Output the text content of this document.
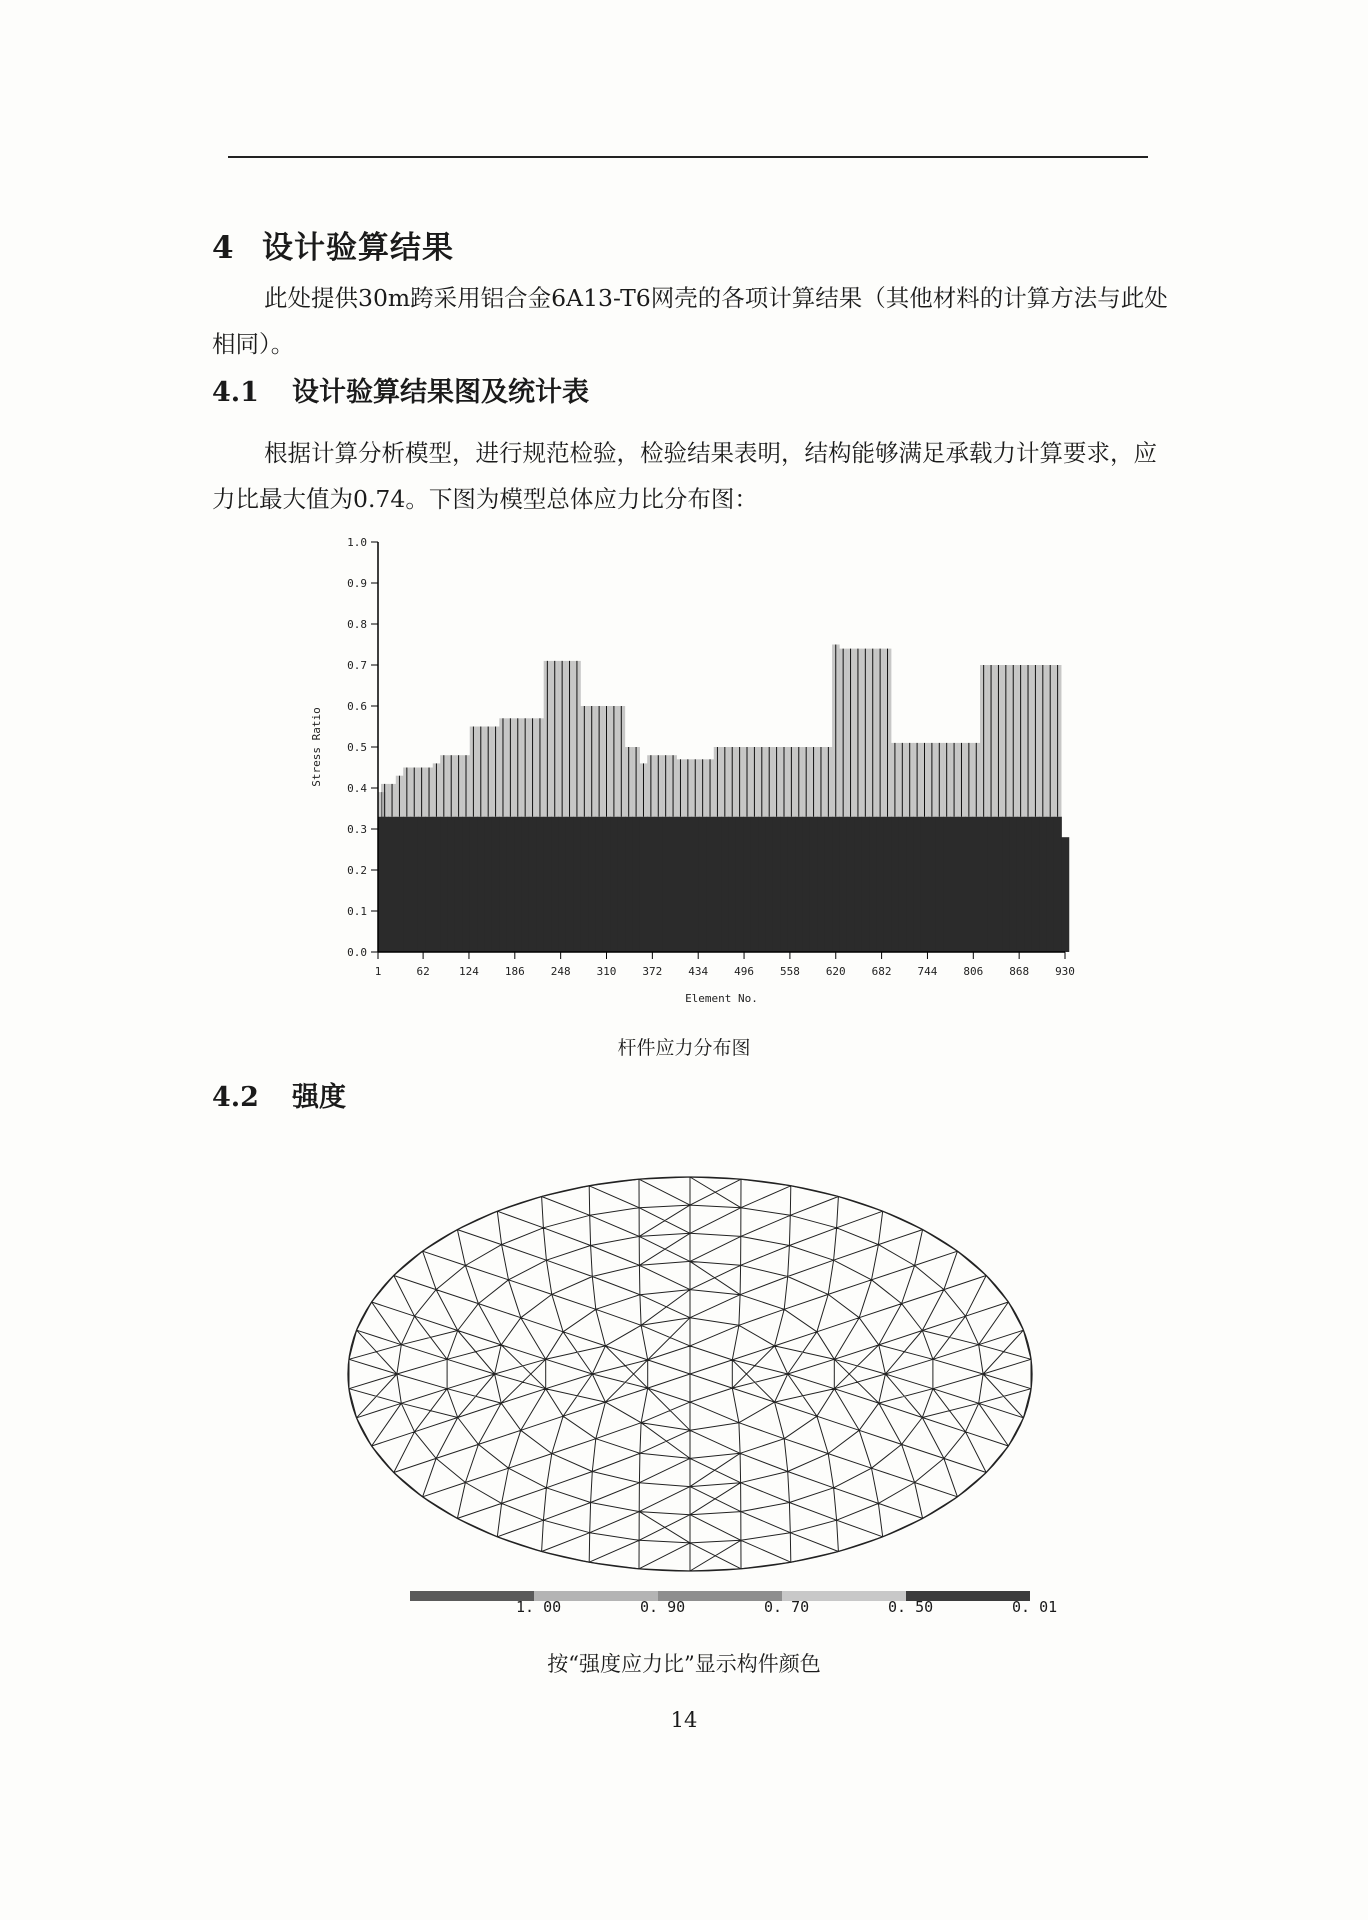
4 设计验算结果

此处提供30m跨采用铝合金6A13-T6网壳的各项计算结果（其他材料的计算方法与此处相同）。

4.1 设计验算结果图及统计表

根据计算分析模型，进行规范检验，检验结果表明，结构能够满足承载力计算要求，应力比最大值为0.74。下图为模型总体应力比分布图：

0.0
0.1
0.2
0.3
0.4
0.5
0.6
0.7
0.8
0.9
1.0
1	62	124 186 248 310 372 434 496 558 620 682 744 806 868 930
Element No.
Stress Ratio
杆件应力分布图
4.2 强度
1. 00	0. 90	0. 70	0. 50	0. 01
按“强度应力比”显示构件颜色
14
